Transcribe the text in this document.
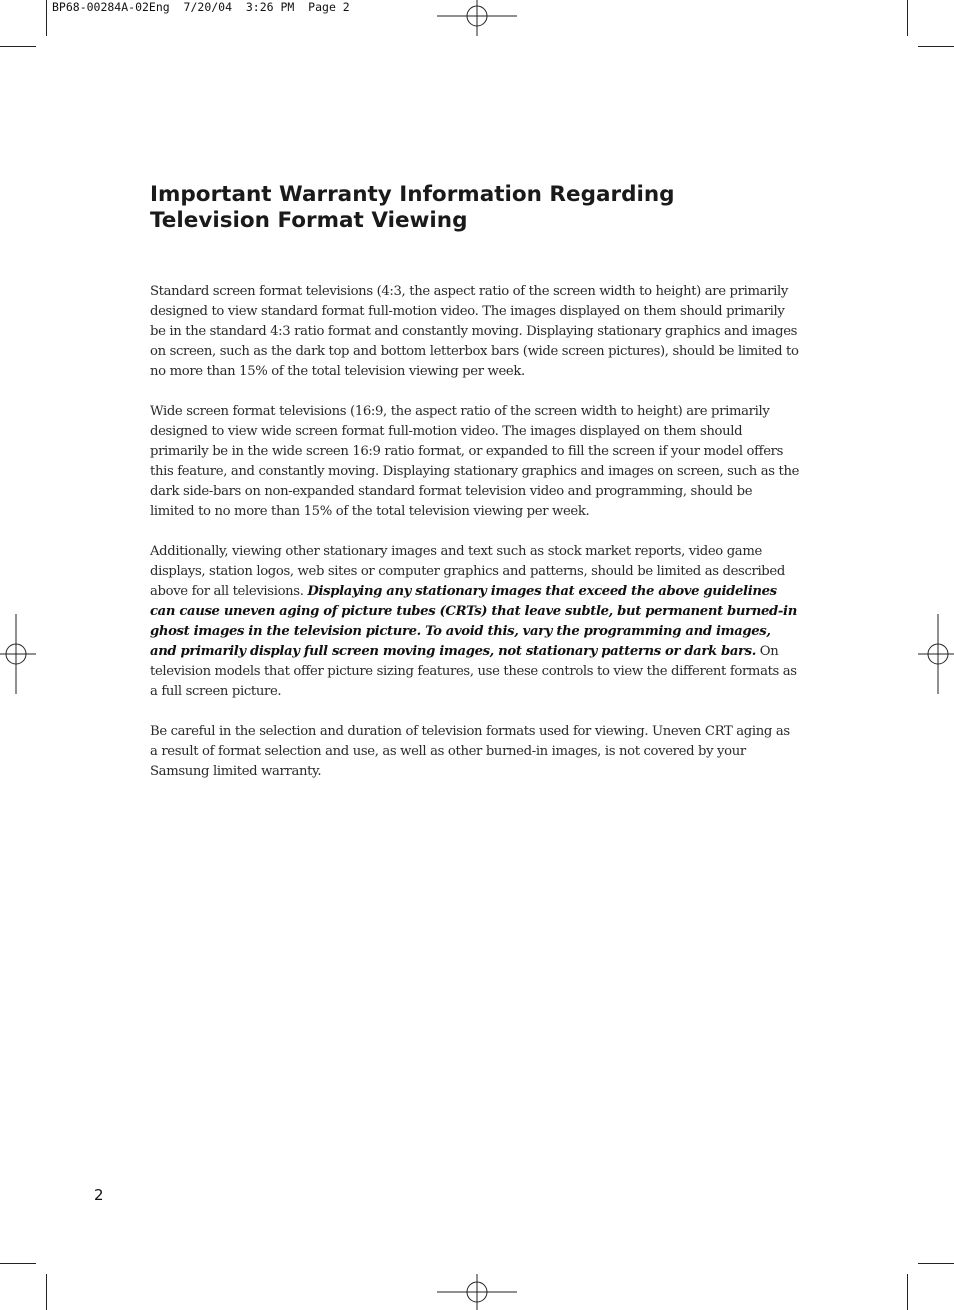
BP68-00284A-02Eng  7/20/04  3:26 PM  Page 2
Important Warranty Information Regarding
Television Format Viewing

Standard screen format televisions (4:3, the aspect ratio of the screen width to height) are primarily designed to view standard format full-motion video. The images displayed on them should primarily be in the standard 4:3 ratio format and constantly moving. Displaying stationary graphics and images on screen, such as the dark top and bottom letterbox bars (wide screen pictures), should be limited to no more than 15% of the total television viewing per week.

Wide screen format televisions (16:9, the aspect ratio of the screen width to height) are primarily designed to view wide screen format full-motion video. The images displayed on them should primarily be in the wide screen 16:9 ratio format, or expanded to fill the screen if your model offers this feature, and constantly moving. Displaying stationary graphics and images on screen, such as the dark side-bars on non-expanded standard format television video and programming, should be limited to no more than 15% of the total television viewing per week.

Additionally, viewing other stationary images and text such as stock market reports, video game displays, station logos, web sites or computer graphics and patterns, should be limited as described above for all televisions. Displaying any stationary images that exceed the above guidelines can cause uneven aging of picture tubes (CRTs) that leave subtle, but permanent burned-in ghost images in the television picture. To avoid this, vary the programming and images, and primarily display full screen moving images, not stationary patterns or dark bars. On television models that offer picture sizing features, use these controls to view the different formats as a full screen picture.

Be careful in the selection and duration of television formats used for viewing. Uneven CRT aging as a result of format selection and use, as well as other burned-in images, is not covered by your Samsung limited warranty.

2
